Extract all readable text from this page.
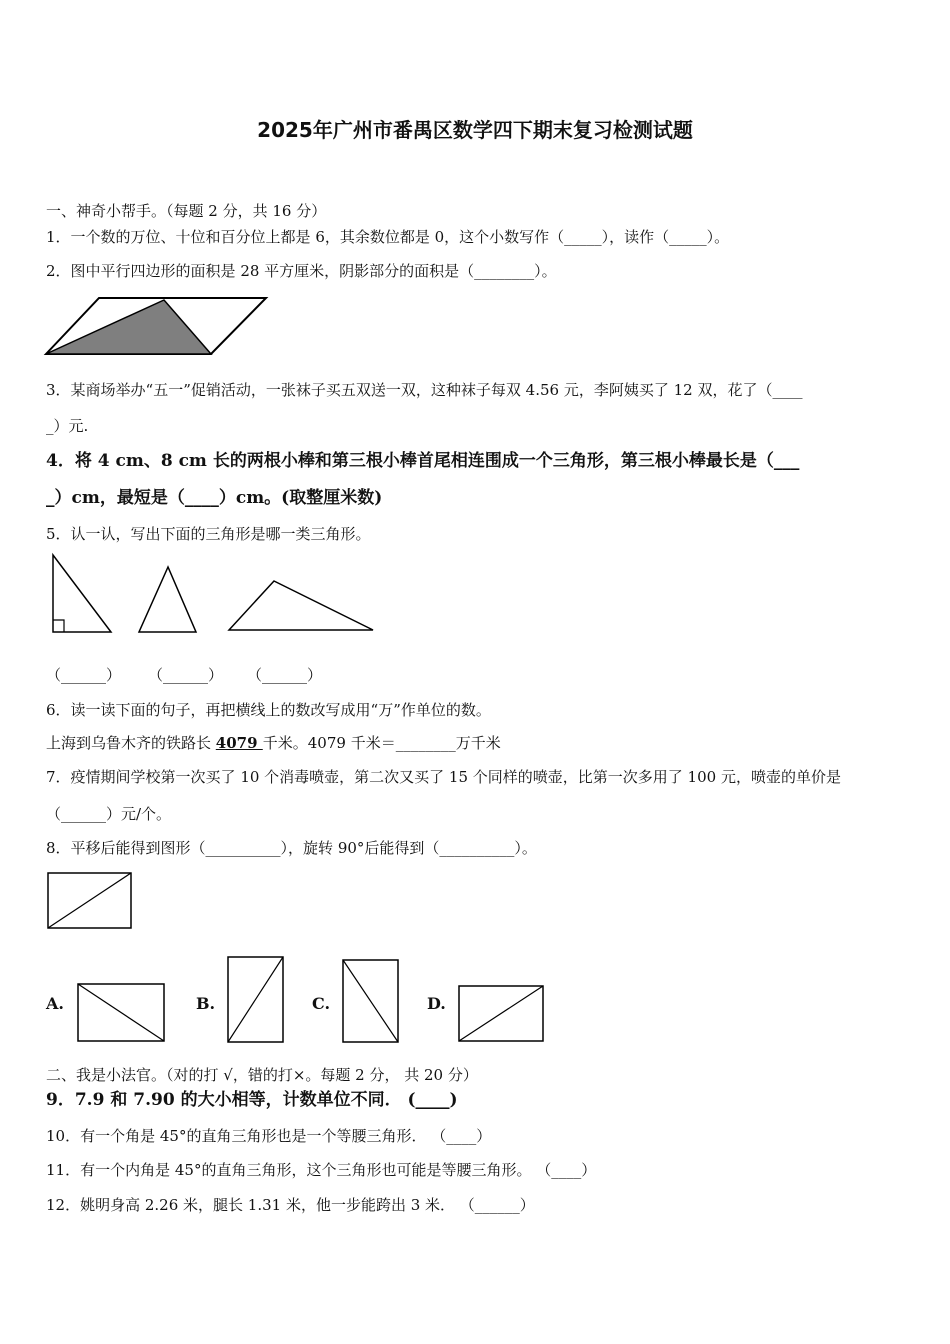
2025年广州市番禺区数学四下期末复习检测试题
一、神奇小帮手。（每题 2 分，共 16 分）
1．一个数的万位、十位和百分位上都是 6，其余数位都是 0，这个小数写作（_____），读作（_____）。
2．图中平行四边形的面积是 28 平方厘米，阴影部分的面积是（________）。
3．某商场举办“五一”促销活动，一张袜子买五双送一双，这种袜子每双 4.56 元，李阿姨买了 12 双，花了（____
_）元.
4．将 4 cm、8 cm 长的两根小棒和第三根小棒首尾相连围成一个三角形，第三根小棒最长是（___
_）cm，最短是（____）cm。(取整厘米数)
5．认一认，写出下面的三角形是哪一类三角形。
（______） （______） （______）
6．读一读下面的句子，再把横线上的数改写成用“万”作单位的数。
上海到乌鲁木齐的铁路长 4079 千米。4079 千米＝________万千米
7．疫情期间学校第一次买了 10 个消毒喷壶，第二次又买了 15 个同样的喷壶，比第一次多用了 100 元，喷壶的单价是
（______）元/个。
8．平移后能得到图形（__________），旋转 90°后能得到（__________）。
A.	B.	C.	D.
二、我是小法官。（对的打 √，错的打×。每题 2 分， 共 20 分）
9．7.9 和 7.90 的大小相等，计数单位不同． (____)
10．有一个角是 45°的直角三角形也是一个等腰三角形． （____）
11．有一个内角是 45°的直角三角形，这个三角形也可能是等腰三角形。 （____）
12．姚明身高 2.26 米，腿长 1.31 米，他一步能跨出 3 米． （______）
